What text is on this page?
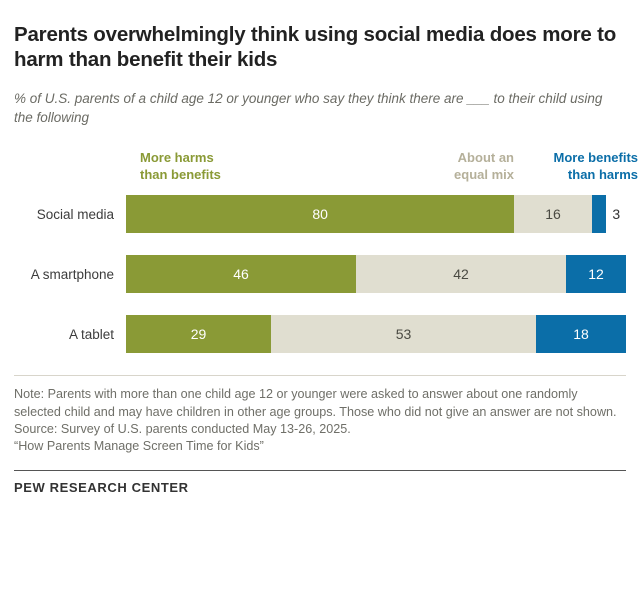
Parents overwhelmingly think using social media does more to harm than benefit their kids

% of U.S. parents of a child age 12 or younger who say they think there are ___ to their child using the following

More harms
than benefits
About an
equal mix
More benefits
than harms
Social media	80	16	3
A smartphone	46	42	12
A tablet	29	53	18

Note: Parents with more than one child age 12 or younger were asked to answer about one randomly selected child and may have children in other age groups. Those who did not give an answer are not shown.

Source: Survey of U.S. parents conducted May 13-26, 2025.

“How Parents Manage Screen Time for Kids”

PEW RESEARCH CENTER
